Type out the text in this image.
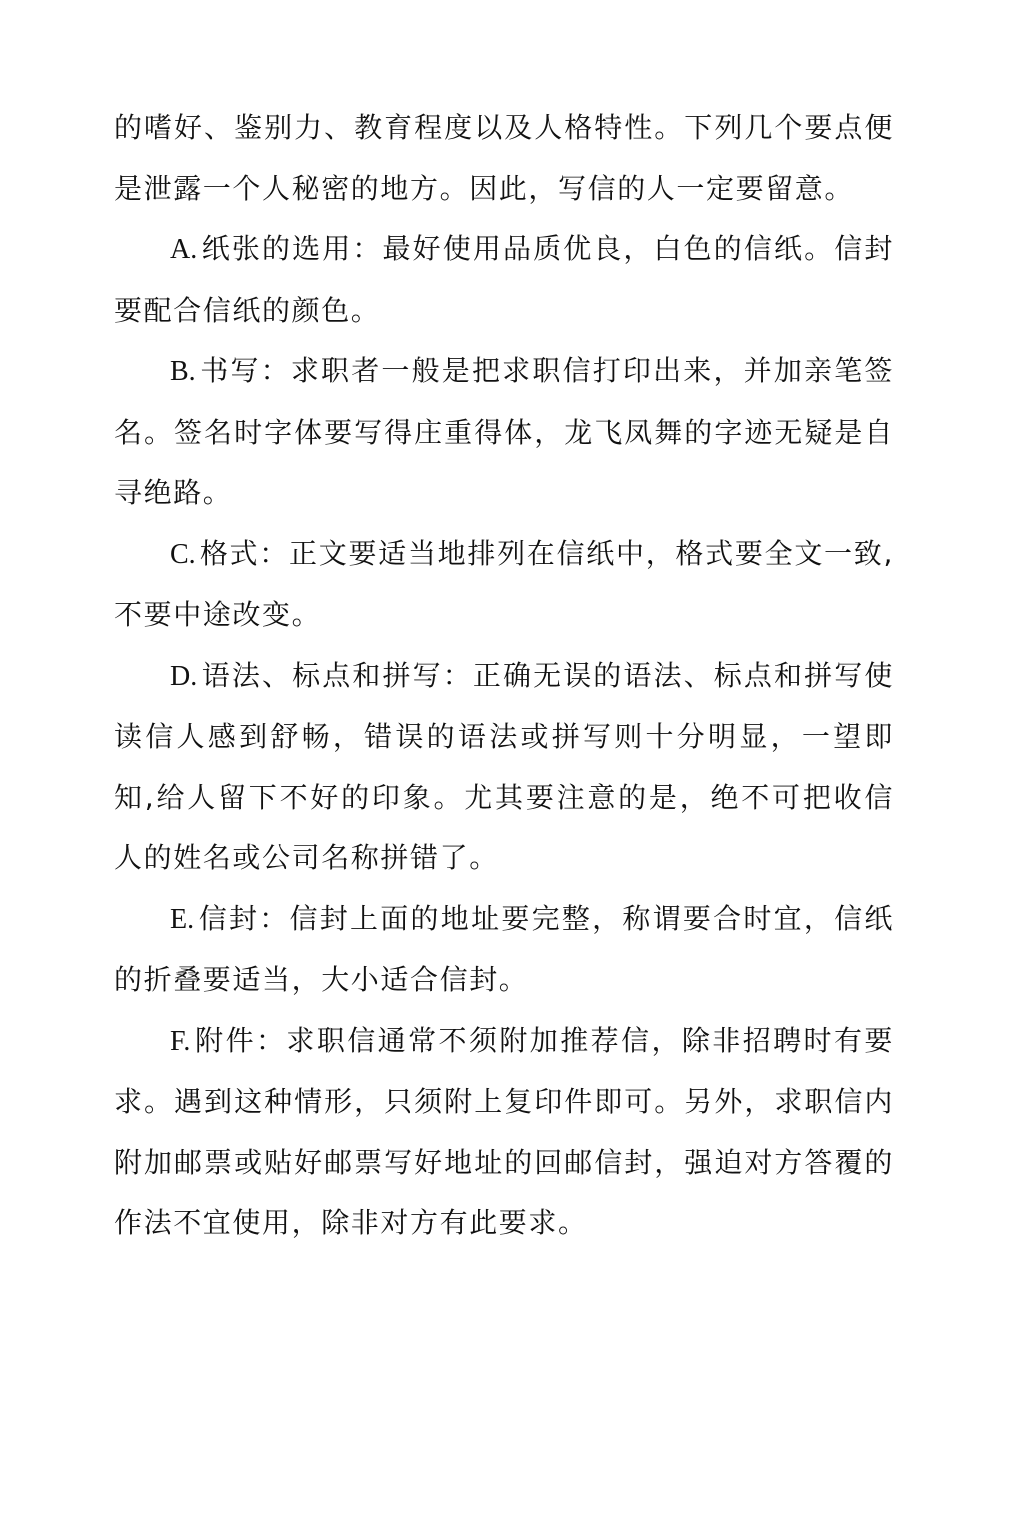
的嗜好、鉴别力、教育程度以及人格特性。下列几个要点便是泄露一个人秘密的地方。因此，写信的人一定要留意。

A. 纸张的选用：最好使用品质优良，白色的信纸。信封要配合信纸的颜色。

B. 书写：求职者一般是把求职信打印出来，并加亲笔签名。签名时字体要写得庄重得体，龙飞凤舞的字迹无疑是自寻绝路。

C. 格式：正文要适当地排列在信纸中，格式要全文一致,不要中途改变。

D. 语法、标点和拼写：正确无误的语法、标点和拼写使读信人感到舒畅，错误的语法或拼写则十分明显，一望即知,给人留下不好的印象。尤其要注意的是，绝不可把收信人的姓名或公司名称拼错了。

E. 信封：信封上面的地址要完整，称谓要合时宜，信纸的折叠要适当，大小适合信封。

F. 附件：求职信通常不须附加推荐信，除非招聘时有要求。遇到这种情形，只须附上复印件即可。另外，求职信内附加邮票或贴好邮票写好地址的回邮信封，强迫对方答覆的作法不宜使用，除非对方有此要求。
